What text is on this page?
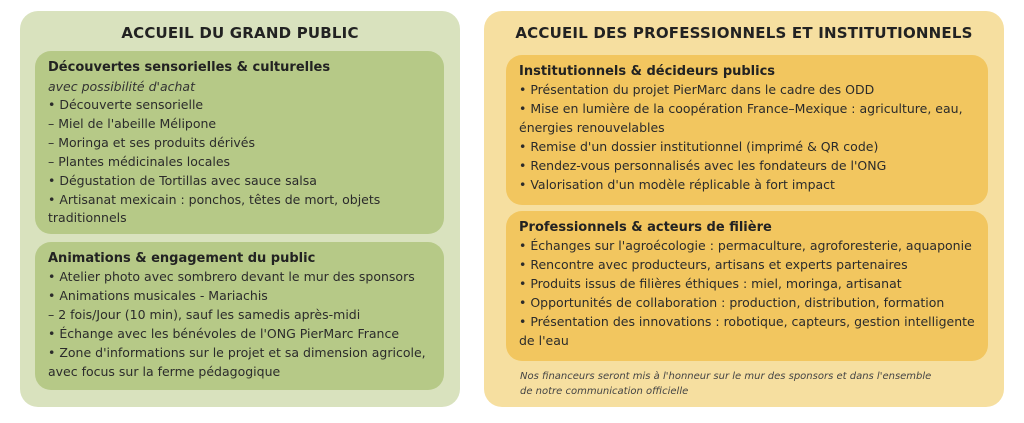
ACCUEIL DU GRAND PUBLIC
Découvertes sensorielles & culturelles
avec possibilité d'achat
• Découverte sensorielle
– Miel de l'abeille Mélipone
– Moringa et ses produits dérivés
– Plantes médicinales locales
• Dégustation de Tortillas avec sauce salsa
• Artisanat mexicain : ponchos, têtes de mort, objets
traditionnels
Animations & engagement du public
• Atelier photo avec sombrero devant le mur des sponsors
• Animations musicales - Mariachis
– 2 fois/Jour (10 min), sauf les samedis après-midi
• Échange avec les bénévoles de l'ONG PierMarc France
• Zone d'informations sur le projet et sa dimension agricole,
avec focus sur la ferme pédagogique
ACCUEIL DES PROFESSIONNELS ET INSTITUTIONNELS
Institutionnels & décideurs publics
• Présentation du projet PierMarc dans le cadre des ODD
• Mise en lumière de la coopération France–Mexique : agriculture, eau,
énergies renouvelables
• Remise d'un dossier institutionnel (imprimé & QR code)
• Rendez-vous personnalisés avec les fondateurs de l'ONG
• Valorisation d'un modèle réplicable à fort impact
Professionnels & acteurs de filière
• Échanges sur l'agroécologie : permaculture, agroforesterie, aquaponie
• Rencontre avec producteurs, artisans et experts partenaires
• Produits issus de filières éthiques : miel, moringa, artisanat
• Opportunités de collaboration : production, distribution, formation
• Présentation des innovations : robotique, capteurs, gestion intelligente
de l'eau
Nos financeurs seront mis à l'honneur sur le mur des sponsors et dans l'ensemble
de notre communication officielle
